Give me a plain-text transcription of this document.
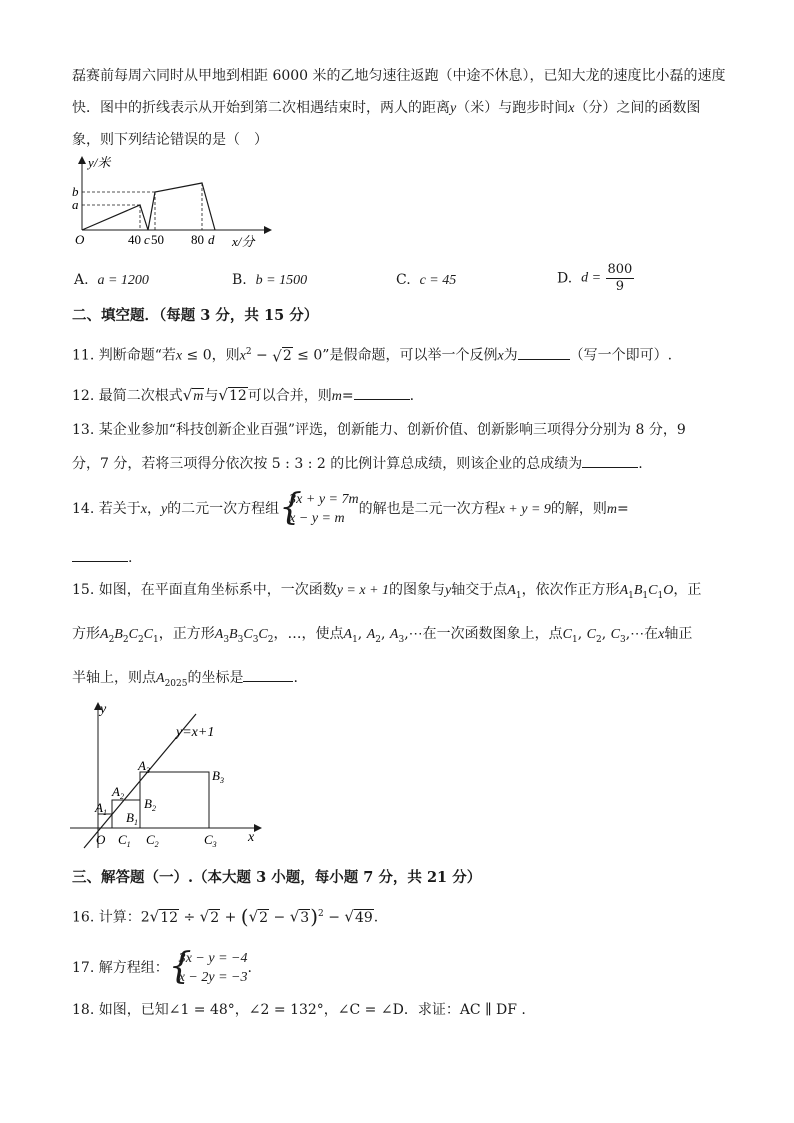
磊赛前每周六同时从甲地到相距 6000 米的乙地匀速往返跑（中途不休息），已知大龙的速度比小磊的速度
快．图中的折线表示从开始到第二次相遇结束时，两人的距离y（米）与跑步时间x（分）之间的函数图
象，则下列结论错误的是（　）
y/米
x/分
b
a
O	40 c 50 80 d
A. a = 1200	B. b = 1500	C. c = 45	D. $d = \frac{800}{9}$
二、填空题．（每题 3 分，共 15 分）
11. 判断命题“若x ≤ 0，则$x^2 - √2 \le 0$”是假命题，可以举一个反例x为	（写一个即可）.
12. 最简二次根式√m与√12可以合并，则m=	.
13. 某企业参加“科技创新企业百强”评选，创新能力、创新价值、创新影响三项得分分别为 8 分，9
分，7 分，若将三项得分依次按 5 : 3 : 2 的比例计算总成绩，则该企业的总成绩为	.
14. 若关于x，y的二元一次方程组 {
3x + y = 7m
x − y = m
的解也是二元一次方程x + y = 9的解，则m=
.
15. 如图，在平面直角坐标系中，一次函数y = x + 1的图象与y轴交于点$A_1$，依次作正方形$A_1B_1C_1O$，正
方形$A_2B_2C_2C_1$，正方形$A_3B_3C_3C_2$，…，使点$A_1$, $A_2$, $A_3,\cdots$在一次函数图象上，点$C_1$, $C_2$, $C_3,\cdots$在x轴正
半轴上，则点$A_{2025}$的坐标是	.
y
x
y=x+1
O
$A_1$
$A_2$
$A_3$
$B_1$
$B_2$
$B_3$
$C_1$ $C_2$	$C_3$
三、解答题（一）.（本大题 3 小题，每小题 7 分，共 21 分）
16. 计算：$2√12 \div √2 + (√2 - √3)^2 - √49$.
17. 解方程组： {
3x − y = −4
x − 2y = −3
.
18. 如图，已知∠1 = 48°，∠2 = 132°，∠C = ∠D．求证：AC ∥ DF .
